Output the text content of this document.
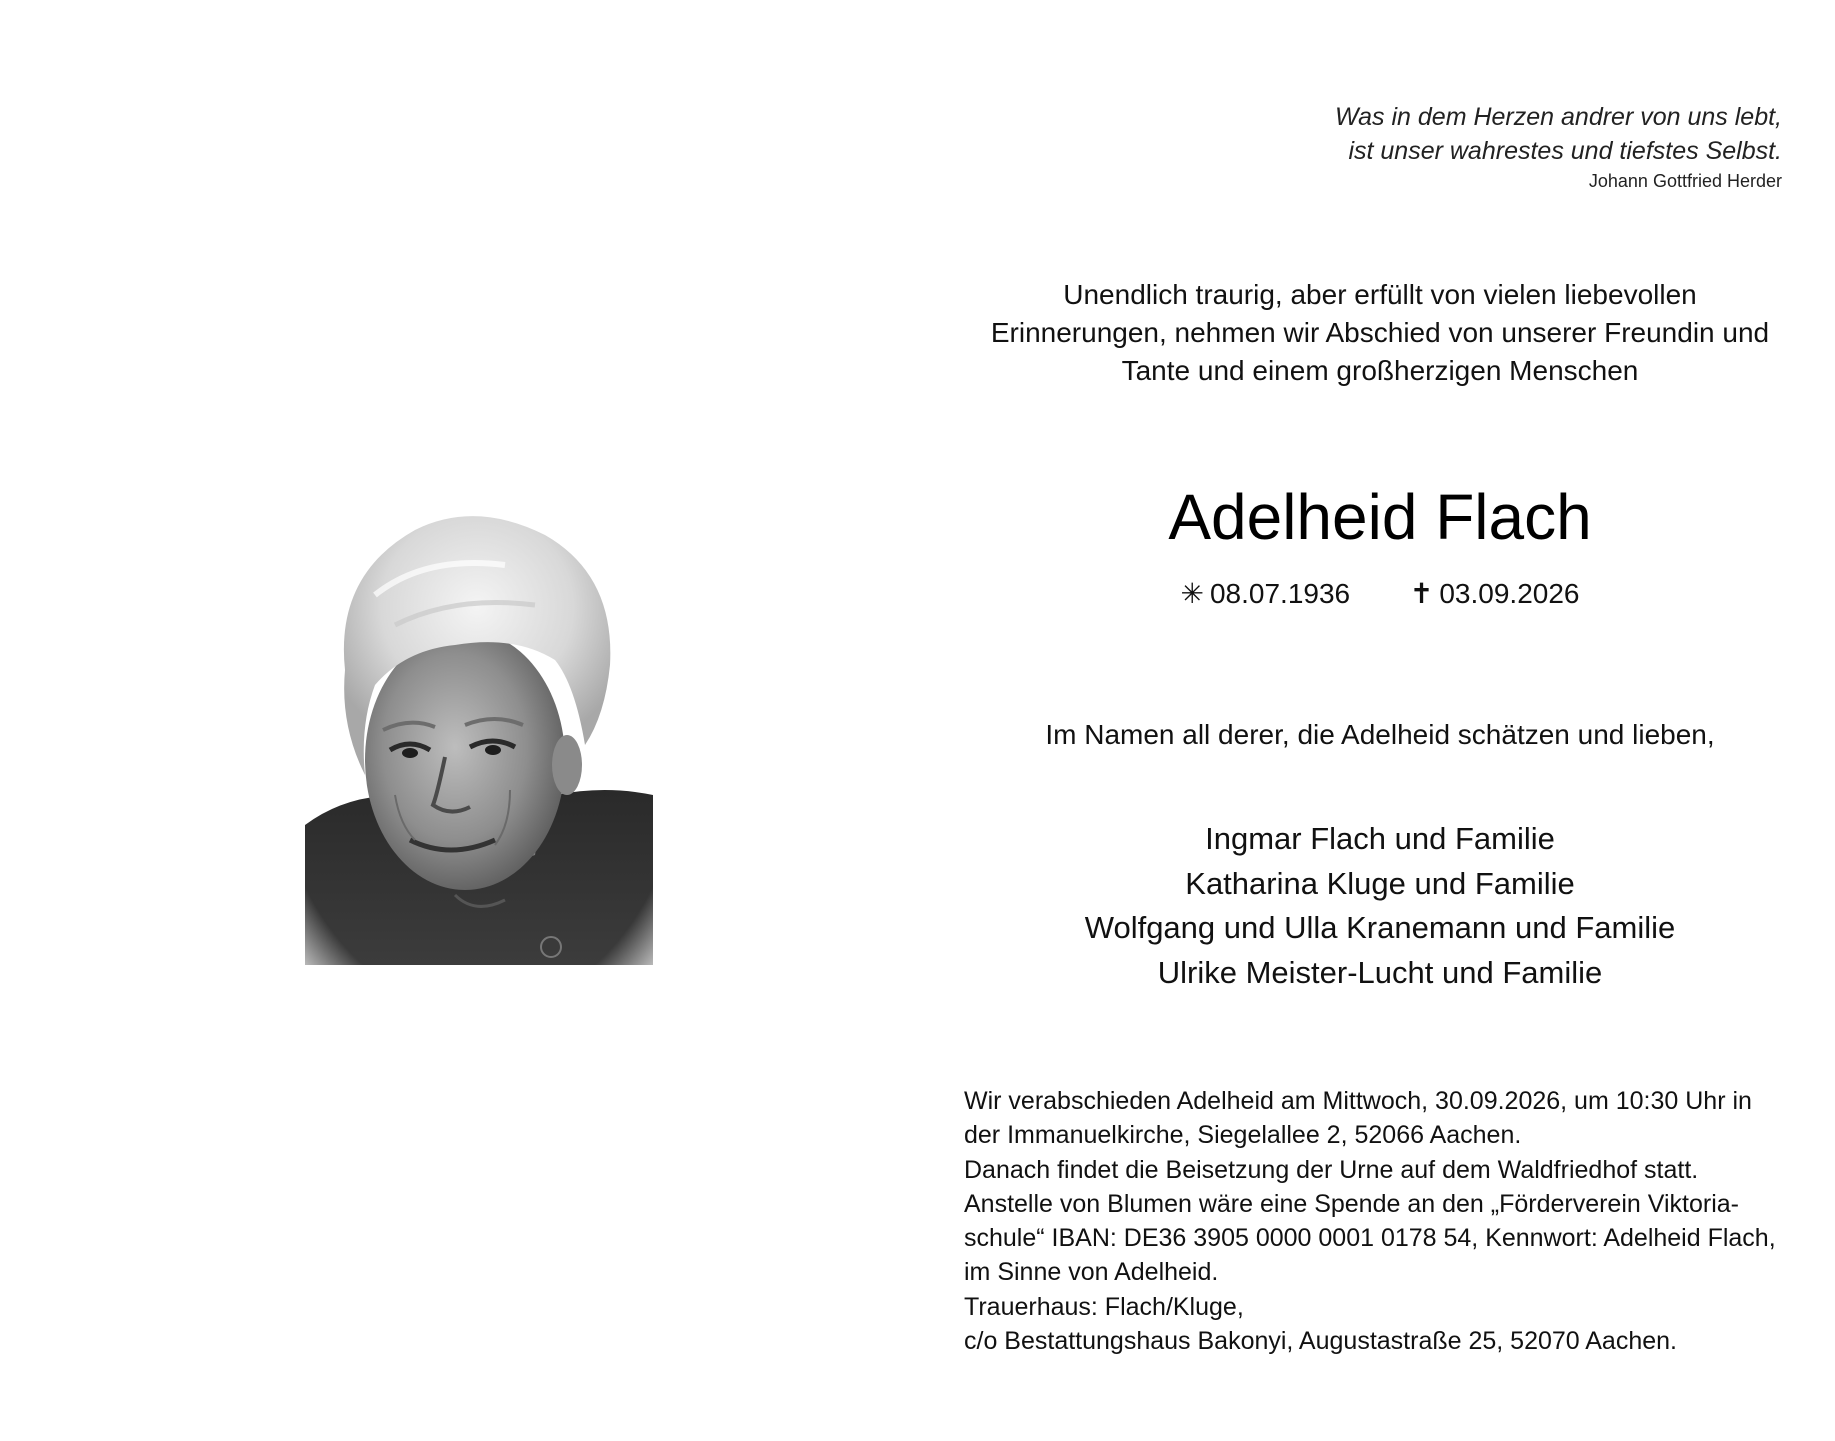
Was in dem Herzen andrer von uns lebt,
ist unser wahrestes und tiefstes Selbst.
Johann Gottfried Herder
Unendlich traurig, aber erfüllt von vielen liebevollen
Erinnerungen, nehmen wir Abschied von unserer Freundin und
Tante und einem großherzigen Menschen
Adelheid Flach
✳ 08.07.1936 ✝ 03.09.2026
Im Namen all derer, die Adelheid schätzen und lieben,
Ingmar Flach und Familie
Katharina Kluge und Familie
Wolfgang und Ulla Kranemann und Familie
Ulrike Meister-Lucht und Familie
Wir verabschieden Adelheid am Mittwoch, 30.09.2026, um 10:30 Uhr in
der Immanuelkirche, Siegelallee 2, 52066 Aachen.
Danach findet die Beisetzung der Urne auf dem Waldfriedhof statt.
Anstelle von Blumen wäre eine Spende an den „Förderverein Viktoria-
schule“ IBAN: DE36 3905 0000 0001 0178 54, Kennwort: Adelheid Flach,
im Sinne von Adelheid.
Trauerhaus: Flach/Kluge,
c/o Bestattungshaus Bakonyi, Augustastraße 25, 52070 Aachen.
